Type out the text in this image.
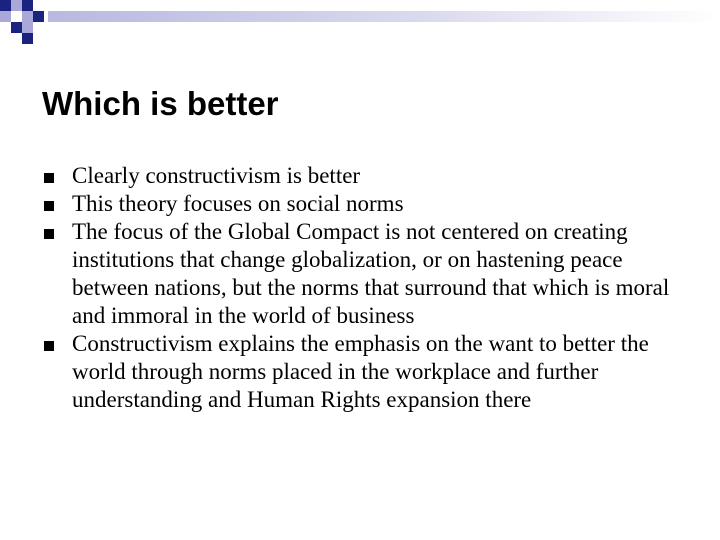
Which is better
Clearly constructivism is better
This theory focuses on social norms
The focus of the Global Compact is not centered on creating institutions that change globalization, or on hastening peace between nations, but the norms that surround that which is moral and immoral in the world of business
Constructivism explains the emphasis on the want to better the world through norms placed in the workplace and further understanding and Human Rights expansion there
